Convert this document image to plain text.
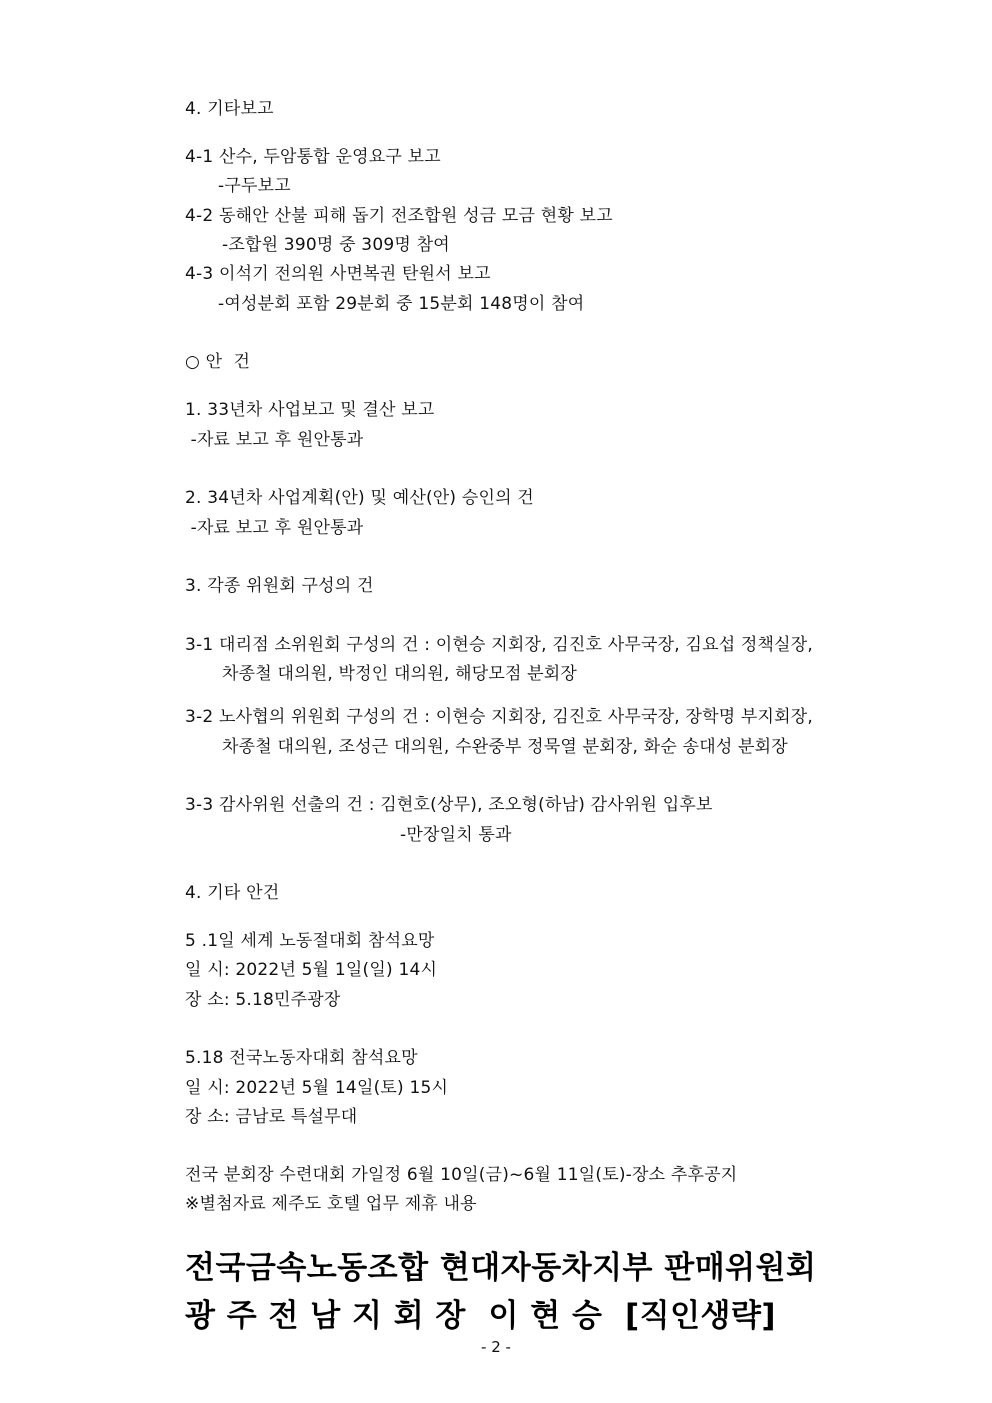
4. 기타보고
4-1 산수, 두암통합 운영요구 보고
-구두보고
4-2 동해안 산불 피해 돕기 전조합원 성금 모금 현황 보고
-조합원 390명 중 309명 참여
4-3 이석기 전의원 사면복권 탄원서 보고
-여성분회 포함 29분회 중 15분회 148명이 참여
○ 안  건
1. 33년차 사업보고 및 결산 보고
-자료 보고 후 원안통과
2. 34년차 사업계획(안) 및 예산(안) 승인의 건
-자료 보고 후 원안통과
3. 각종 위원회 구성의 건
3-1 대리점 소위원회 구성의 건 : 이현승 지회장, 김진호 사무국장, 김요섭 정책실장,
차종철 대의원, 박정인 대의원, 해당모점 분회장
3-2 노사협의 위원회 구성의 건 : 이현승 지회장, 김진호 사무국장, 장학명 부지회장,
차종철 대의원, 조성근 대의원, 수완중부 정묵열 분회장, 화순 송대성 분회장
3-3 감사위원 선출의 건 : 김현호(상무), 조오형(하남) 감사위원 입후보
-만장일치 통과
4. 기타 안건
5 .1일 세계 노동절대회 참석요망
일 시: 2022년 5월 1일(일) 14시
장 소: 5.18민주광장
5.18 전국노동자대회 참석요망
일 시: 2022년 5월 14일(토) 15시
장 소: 금남로 특설무대
전국 분회장 수련대회 가일정 6월 10일(금)~6월 11일(토)-장소 추후공지
※별첨자료 제주도 호텔 업무 제휴 내용
전국금속노동조합 현대자동차지부 판매위원회
광 주 전 남 지 회 장  이 현 승  [직인생략]
- 2 -
